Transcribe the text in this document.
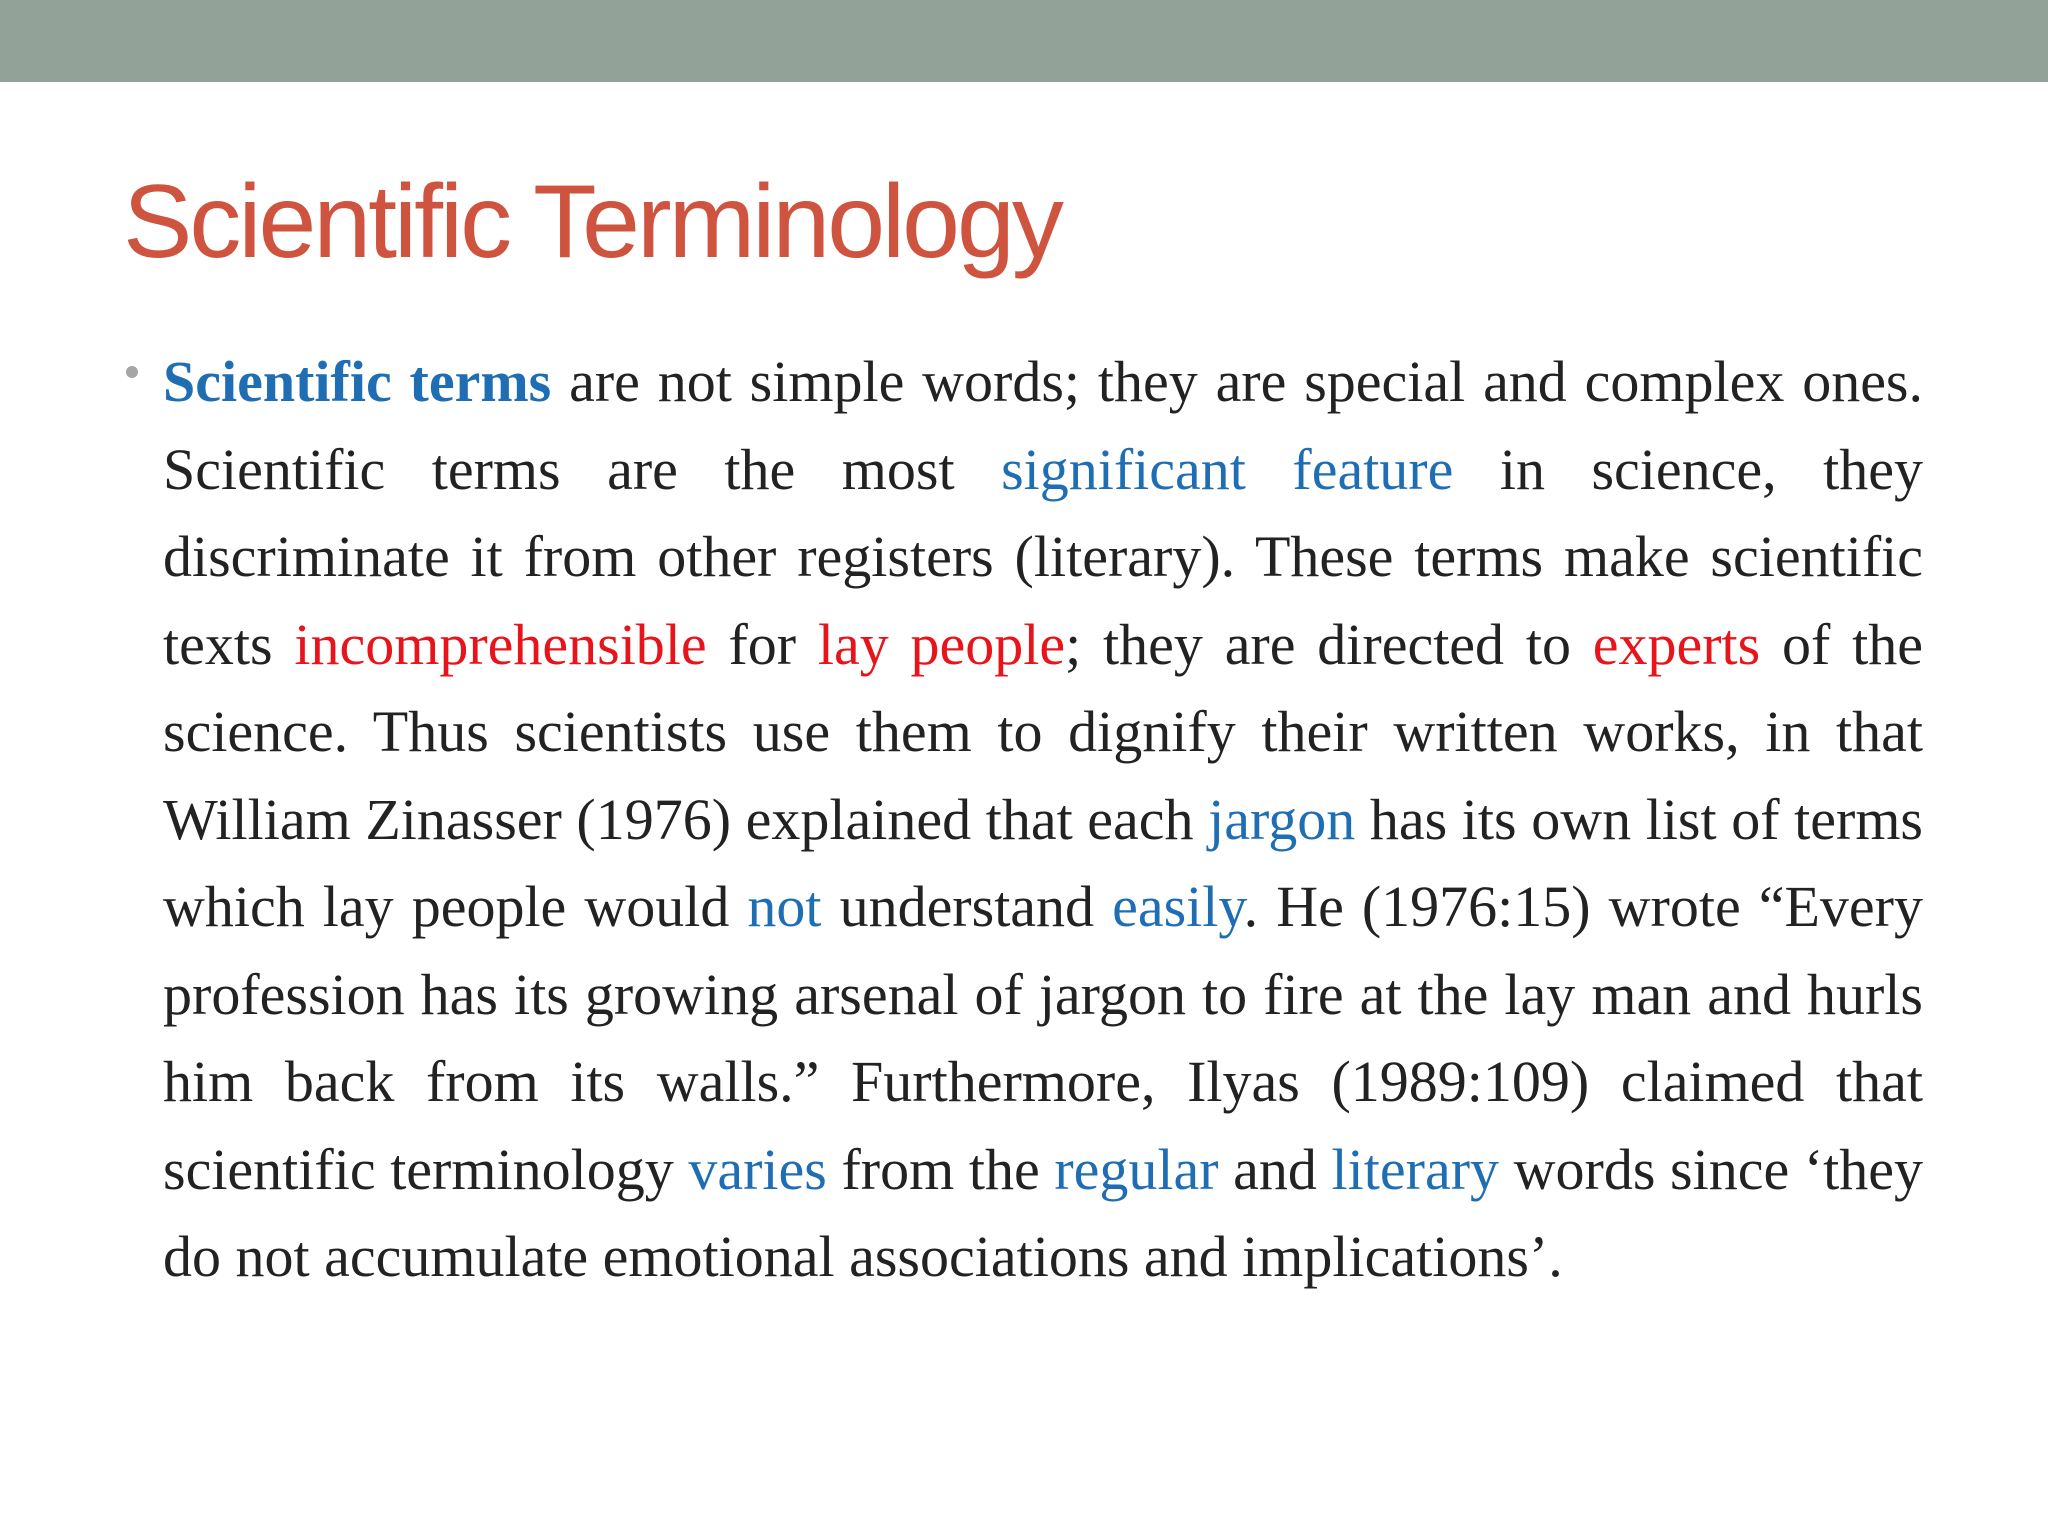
Scientific Terminology

Scientific terms are not simple words; they are special and complex ones. Scientific terms are the most significant feature in science, they discriminate it from other registers (literary). These terms make scientific texts incomprehensible for lay people; they are directed to experts of the science. Thus scientists use them to dignify their written works, in that William Zinasser (1976) explained that each jargon has its own list of terms which lay people would not understand easily. He (1976:15) wrote “Every profession has its growing arsenal of jargon to fire at the lay man and hurls him back from its walls.” Furthermore, Ilyas (1989:109) claimed that scientific terminology varies from the regular and literary words since ‘they do not accumulate emotional associations and implications’.
